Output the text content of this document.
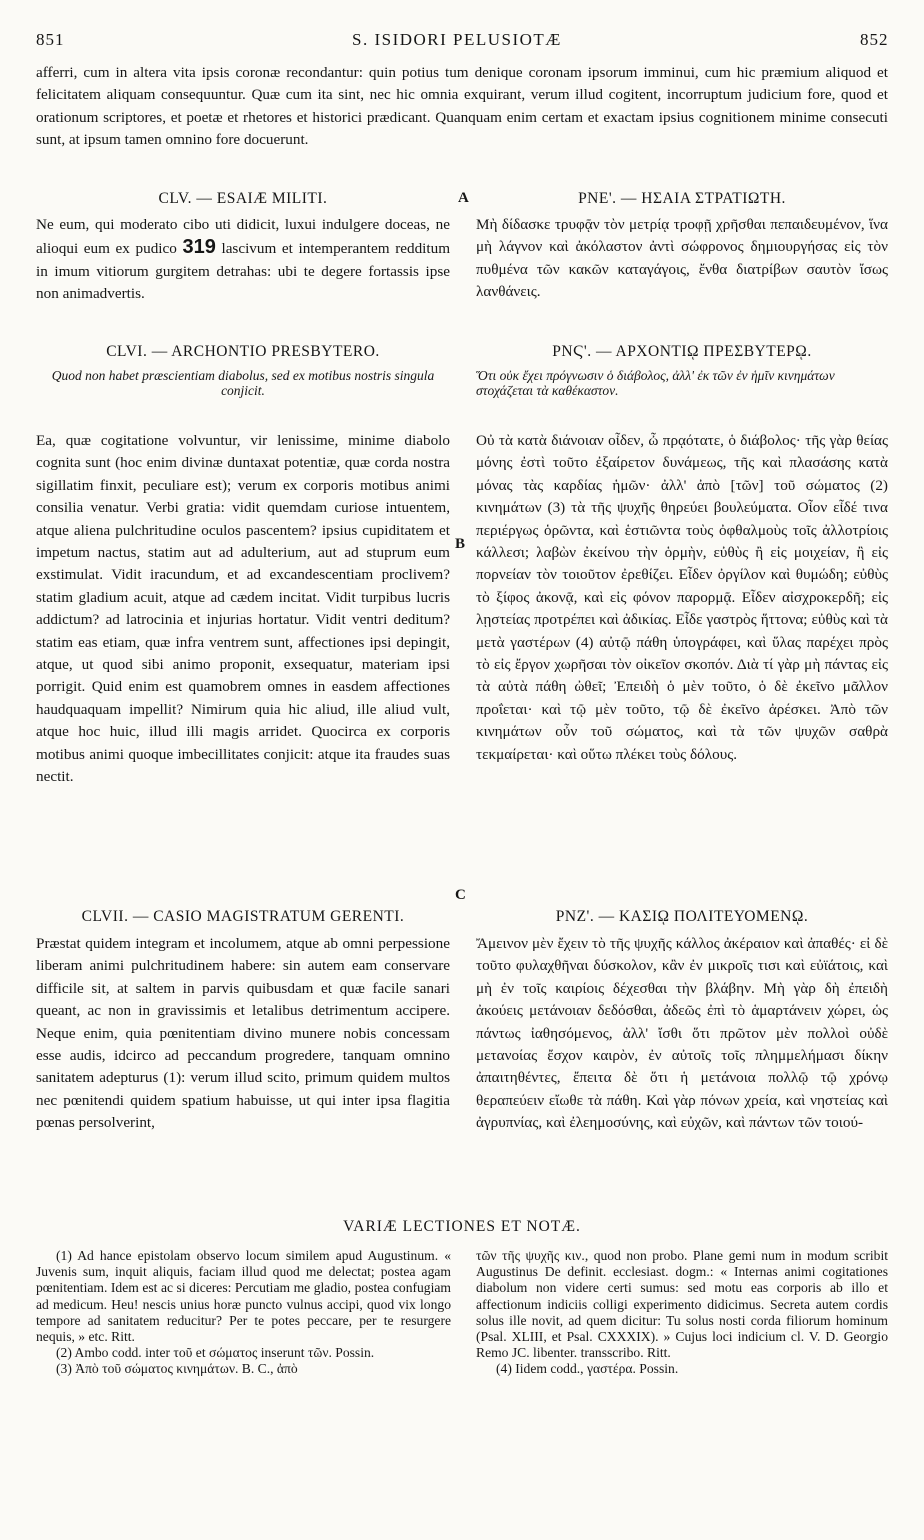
851	S. ISIDORI PELUSIOTÆ	852
afferri, cum in altera vita ipsis coronæ recondantur: quin potius tum denique coronam ipsorum imminui, cum hic præmium aliquod et felicitatem aliquam consequuntur. Quæ cum ita sint, nec hic omnia exquirant, verum illud cogitent, incorruptum judicium fore, quod et orationum scriptores, et poetæ et rhetores et historici prædicant. Quanquam enim certam et exactam ipsius cognitionem minime consecuti sunt, at ipsum tamen omnino fore docuerunt.
A
B
C
CLV. — ESAIÆ MILITI.	ΡΝΕ'. — ΗΣΑΙΑ ΣΤΡΑΤΙΩΤΗ.
Ne eum, qui moderato cibo uti didicit, luxui indulgere doceas, ne alioqui eum ex pudico 319 lascivum et intemperantem redditum in imum vitiorum gurgitem detrahas: ubi te degere fortassis ipse non animadvertis.
Μὴ δίδασκε τρυφᾷν τὸν μετρίᾳ τροφῇ χρῆσθαι πεπαιδευμένον, ἵνα μὴ λάγνον καὶ ἀκόλαστον ἀντὶ σώφρονος δημιουργήσας εἰς τὸν πυθμένα τῶν κακῶν καταγάγοις, ἔνθα διατρίβων σαυτὸν ἴσως λανθάνεις.
CLVI. — ARCHONTIO PRESBYTERO.	ΡΝϚ'. — ΑΡΧΟΝΤΙῼ ΠΡΕΣΒΥΤΕΡῼ.
Quod non habet præscientiam diabolus, sed ex motibus nostris singula conjicit.
Ὅτι οὐκ ἔχει πρόγνωσιν ὁ διάβολος, ἀλλ' ἐκ τῶν ἐν ἡμῖν κινημάτων στοχάζεται τὰ καθέκαστον.
Ea, quæ cogitatione volvuntur, vir lenissime, minime diabolo cognita sunt (hoc enim divinæ duntaxat potentiæ, quæ corda nostra sigillatim finxit, peculiare est); verum ex corporis motibus animi consilia venatur. Verbi gratia: vidit quemdam curiose intuentem, atque aliena pulchritudine oculos pascentem? ipsius cupiditatem et impetum nactus, statim aut ad adulterium, aut ad stuprum eum exstimulat. Vidit iracundum, et ad excandescentiam proclivem? statim gladium acuit, atque ad cædem incitat. Vidit turpibus lucris addictum? ad latrocinia et injurias hortatur. Vidit ventri deditum? statim eas etiam, quæ infra ventrem sunt, affectiones ipsi depingit, atque, ut quod sibi animo proponit, exsequatur, materiam ipsi porrigit. Quid enim est quamobrem omnes in easdem affectiones haudquaquam impellit? Nimirum quia hic aliud, ille aliud vult, atque hoc huic, illud illi magis arridet. Quocirca ex corporis motibus animi quoque imbecillitates conjicit: atque ita fraudes suas nectit.
Οὐ τὰ κατὰ διάνοιαν οἶδεν, ὦ πρᾳότατε, ὁ διάβολος· τῆς γὰρ θείας μόνης ἐστὶ τοῦτο ἐξαίρετον δυνάμεως, τῆς καὶ πλασάσης κατὰ μόνας τὰς καρδίας ἡμῶν· ἀλλ' ἀπὸ [τῶν] τοῦ σώματος (2) κινημάτων (3) τὰ τῆς ψυχῆς θηρεύει βουλεύματα. Οἷον εἶδέ τινα περιέργως ὁρῶντα, καὶ ἑστιῶντα τοὺς ὀφθαλμοὺς τοῖς ἀλλοτρίοις κάλλεσι; λαβὼν ἐκείνου τὴν ὁρμὴν, εὐθὺς ἢ εἰς μοιχείαν, ἢ εἰς πορνείαν τὸν τοιοῦτον ἐρεθίζει. Εἶδεν ὀργίλον καὶ θυμώδη; εὐθὺς τὸ ξίφος ἀκονᾷ, καὶ εἰς φόνον παρορμᾷ. Εἶδεν αἰσχροκερδῆ; εἰς λῃστείας προτρέπει καὶ ἀδικίας. Εἶδε γαστρὸς ἥττονα; εὐθὺς καὶ τὰ μετὰ γαστέρων (4) αὐτῷ πάθη ὑπογράφει, καὶ ὕλας παρέχει πρὸς τὸ εἰς ἔργον χωρῆσαι τὸν οἰκεῖον σκοπόν. Διὰ τί γὰρ μὴ πάντας εἰς τὰ αὐτὰ πάθη ὠθεῖ; Ἐπειδὴ ὁ μὲν τοῦτο, ὁ δὲ ἐκεῖνο μᾶλλον προΐεται· καὶ τῷ μὲν τοῦτο, τῷ δὲ ἐκεῖνο ἀρέσκει. Ἀπὸ τῶν κινημάτων οὖν τοῦ σώματος, καὶ τὰ τῶν ψυχῶν σαθρὰ τεκμαίρεται· καὶ οὕτω πλέκει τοὺς δόλους.
CLVII. — CASIO MAGISTRATUM GERENTI.	ΡΝΖ'. — ΚΑΣΙῼ ΠΟΛΙΤΕΥΟΜΕΝῼ.
Præstat quidem integram et incolumem, atque ab omni perpessione liberam animi pulchritudinem habere: sin autem eam conservare difficile sit, at saltem in parvis quibusdam et quæ facile sanari queant, ac non in gravissimis et letalibus detrimentum accipere. Neque enim, quia pœnitentiam divino munere nobis concessam esse audis, idcirco ad peccandum progredere, tanquam omnino sanitatem adepturus (1): verum illud scito, primum quidem multos nec pœnitendi quidem spatium habuisse, ut qui inter ipsa flagitia pœnas persolverint,
Ἄμεινον μὲν ἔχειν τὸ τῆς ψυχῆς κάλλος ἀκέραιον καὶ ἀπαθές· εἰ δὲ τοῦτο φυλαχθῆναι δύσκολον, κἂν ἐν μικροῖς τισι καὶ εὐϊάτοις, καὶ μὴ ἐν τοῖς καιρίοις δέχεσθαι τὴν βλάβην. Μὴ γὰρ δὴ ἐπειδὴ ἀκούεις μετάνοιαν δεδόσθαι, ἀδεῶς ἐπὶ τὸ ἁμαρτάνειν χώρει, ὡς πάντως ἰαθησόμενος, ἀλλ' ἴσθι ὅτι πρῶτον μὲν πολλοὶ οὐδὲ μετανοίας ἔσχον καιρὸν, ἐν αὐτοῖς τοῖς πλημμελήμασι δίκην ἀπαιτηθέντες, ἔπειτα δὲ ὅτι ἡ μετάνοια πολλῷ τῷ χρόνῳ θεραπεύειν εἴωθε τὰ πάθη. Καὶ γὰρ πόνων χρεία, καὶ νηστείας καὶ ἀγρυπνίας, καὶ ἐλεημοσύνης, καὶ εὐχῶν, καὶ πάντων τῶν τοιού-
VARIÆ LECTIONES ET NOTÆ.
(1) Ad hance epistolam observo locum similem apud Augustinum. « Juvenis sum, inquit aliquis, faciam illud quod me delectat; postea agam pœnitentiam. Idem est ac si diceres: Percutiam me gladio, postea confugiam ad medicum. Heu! nescis unius horæ puncto vulnus accipi, quod vix longo tempore ad sanitatem reducitur? Per te potes peccare, per te resurgere nequis, » etc. Ritt.
(2) Ambo codd. inter τοῦ et σώματος inserunt τῶν. Possin.
(3) Ἀπὸ τοῦ σώματος κινημάτων. B. C., ἀπὸ
τῶν τῆς ψυχῆς κιν., quod non probo. Plane gemi num in modum scribit Augustinus De definit. ecclesiast. dogm.: « Internas animi cogitationes diabolum non videre certi sumus: sed motu eas corporis ab illo et affectionum indiciis colligi experimento didicimus. Secreta autem cordis solus ille novit, ad quem dicitur: Tu solus nosti corda filiorum hominum (Psal. XLIII, et Psal. CXXXIX). » Cujus loci indicium cl. V. D. Georgio Remo JC. libenter. transscribo. Ritt.
(4) Iidem codd., γαστέρα. Possin.
